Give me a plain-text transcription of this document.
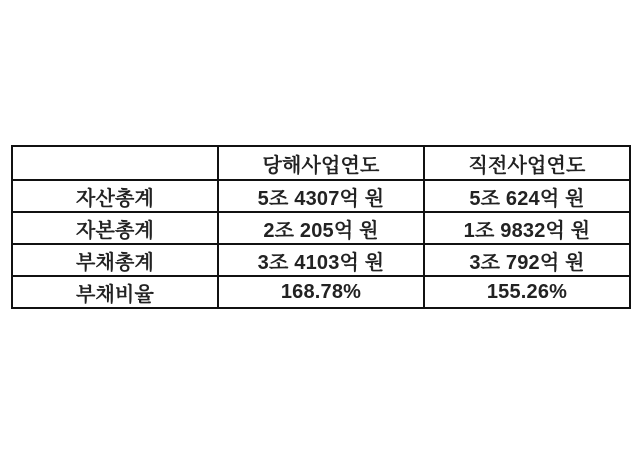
	당해사업연도	직전사업연도
자산총계	5조 4307억 원	5조 624억 원
자본총계	2조 205억 원	1조 9832억 원
부채총계	3조 4103억 원	3조 792억 원
부채비율	168.78%	155.26%
